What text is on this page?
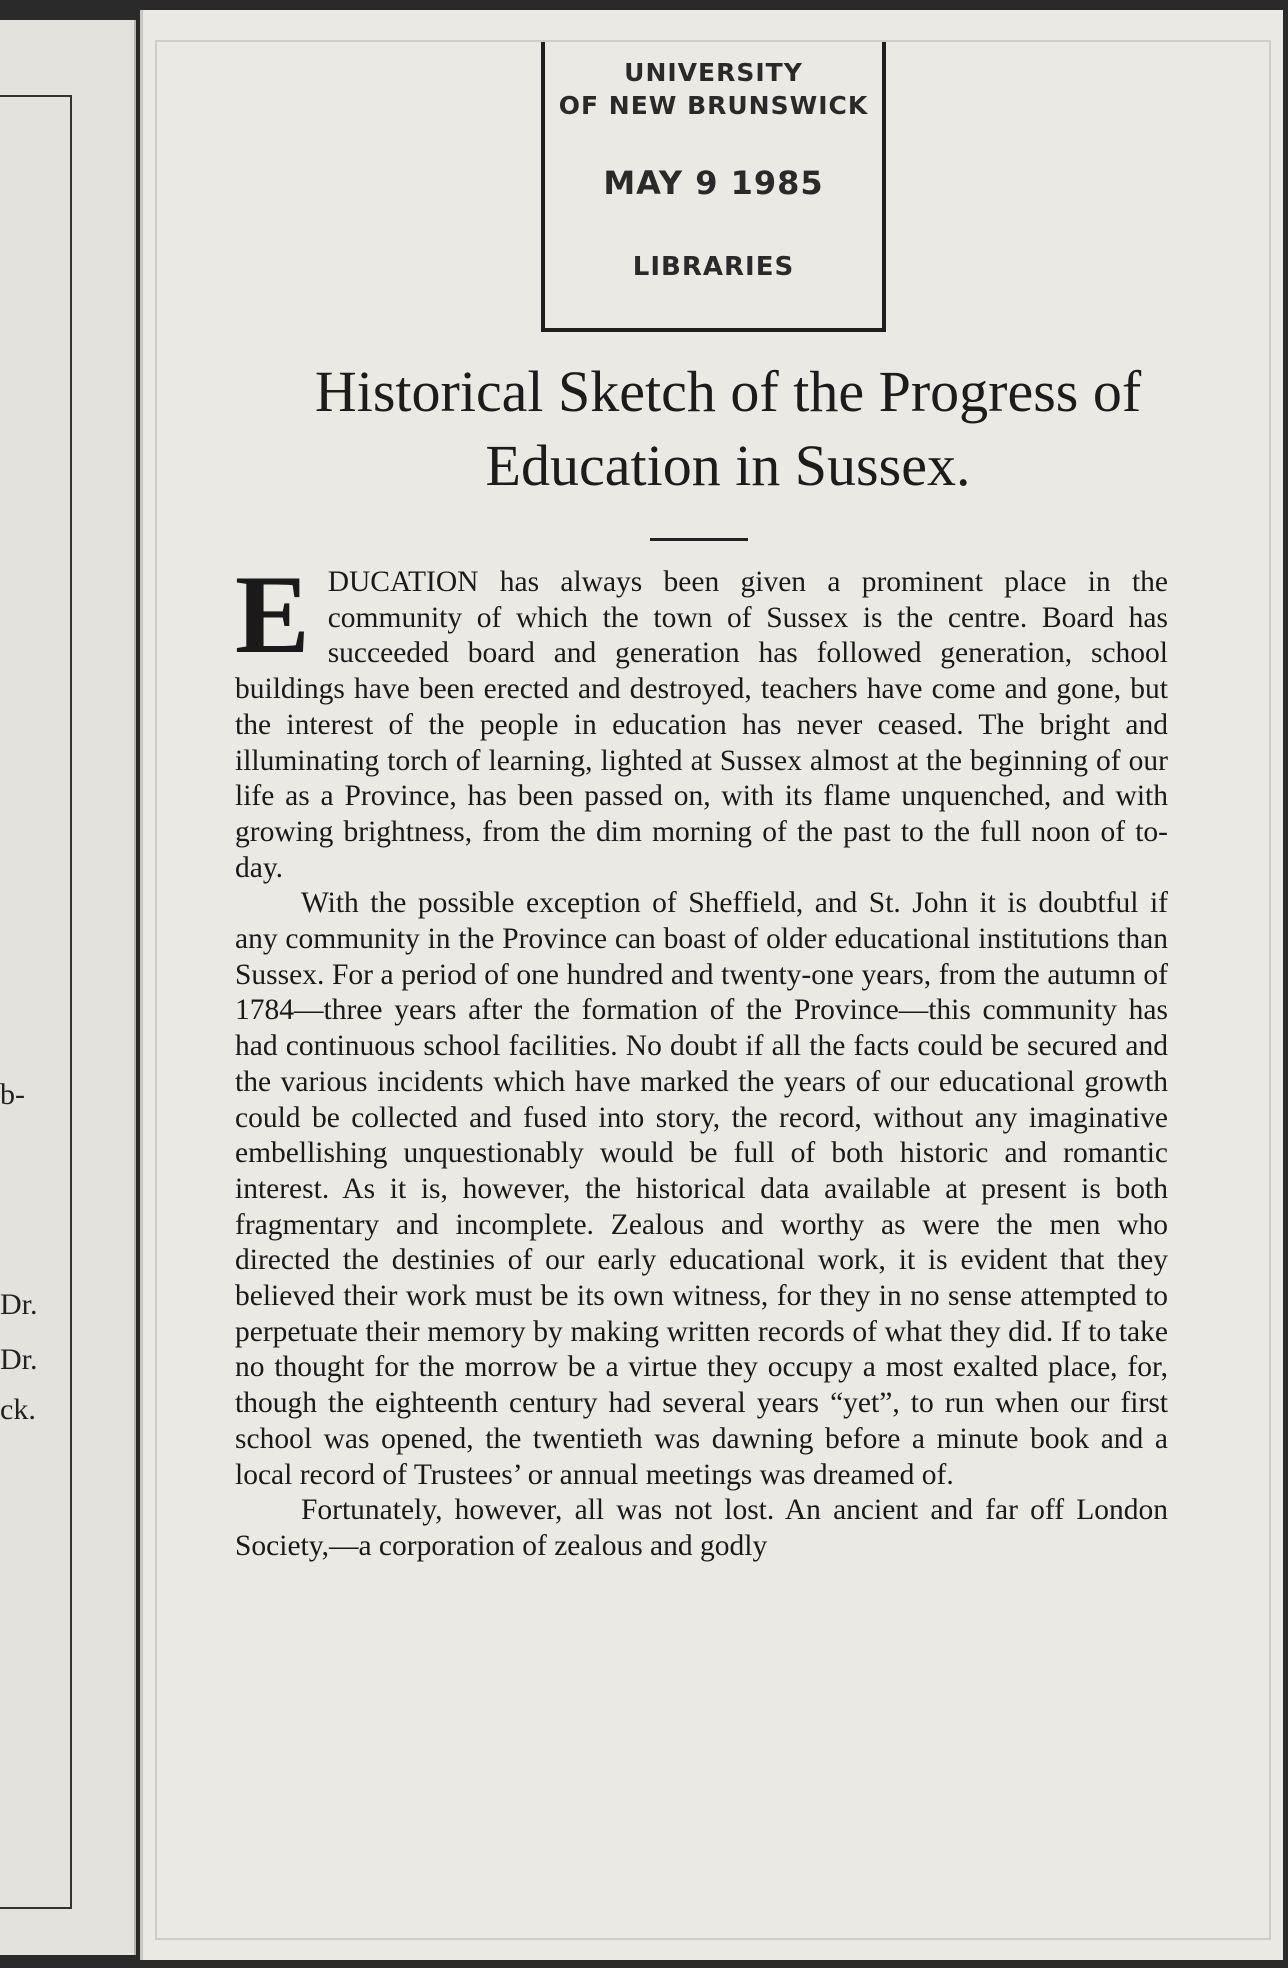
b-
Dr.
Dr.
ck.
UNIVERSITY
OF NEW BRUNSWICK
MAY 9 1985
LIBRARIES
Historical Sketch of the Progress of
Education in Sussex.

EDUCATION has always been given a prominent place in the community of which the town of Sussex is the centre. Board has succeeded board and generation has followed generation, school buildings have been erected and destroyed, teachers have come and gone, but the interest of the people in education has never ceased. The bright and illuminating torch of learning, lighted at Sussex almost at the beginning of our life as a Province, has been passed on, with its flame unquenched, and with growing brightness, from the dim morning of the past to the full noon of to-day.

With the possible exception of Sheffield, and St. John it is doubtful if any community in the Province can boast of older educational institutions than Sussex. For a period of one hundred and twenty-one years, from the autumn of 1784—three years after the formation of the Province—this community has had continuous school facilities. No doubt if all the facts could be secured and the various incidents which have marked the years of our educational growth could be collected and fused into story, the record, without any imaginative embellishing unquestionably would be full of both historic and romantic interest. As it is, however, the historical data available at present is both fragmentary and incomplete. Zealous and worthy as were the men who directed the destinies of our early educational work, it is evident that they believed their work must be its own witness, for they in no sense attempted to perpetuate their memory by making written records of what they did. If to take no thought for the morrow be a virtue they occupy a most exalted place, for, though the eighteenth century had several years “yet”, to run when our first school was opened, the twentieth was dawning before a minute book and a local record of Trustees’ or annual meetings was dreamed of.

Fortunately, however, all was not lost. An ancient and far off London Society,—a corporation of zealous and godly
